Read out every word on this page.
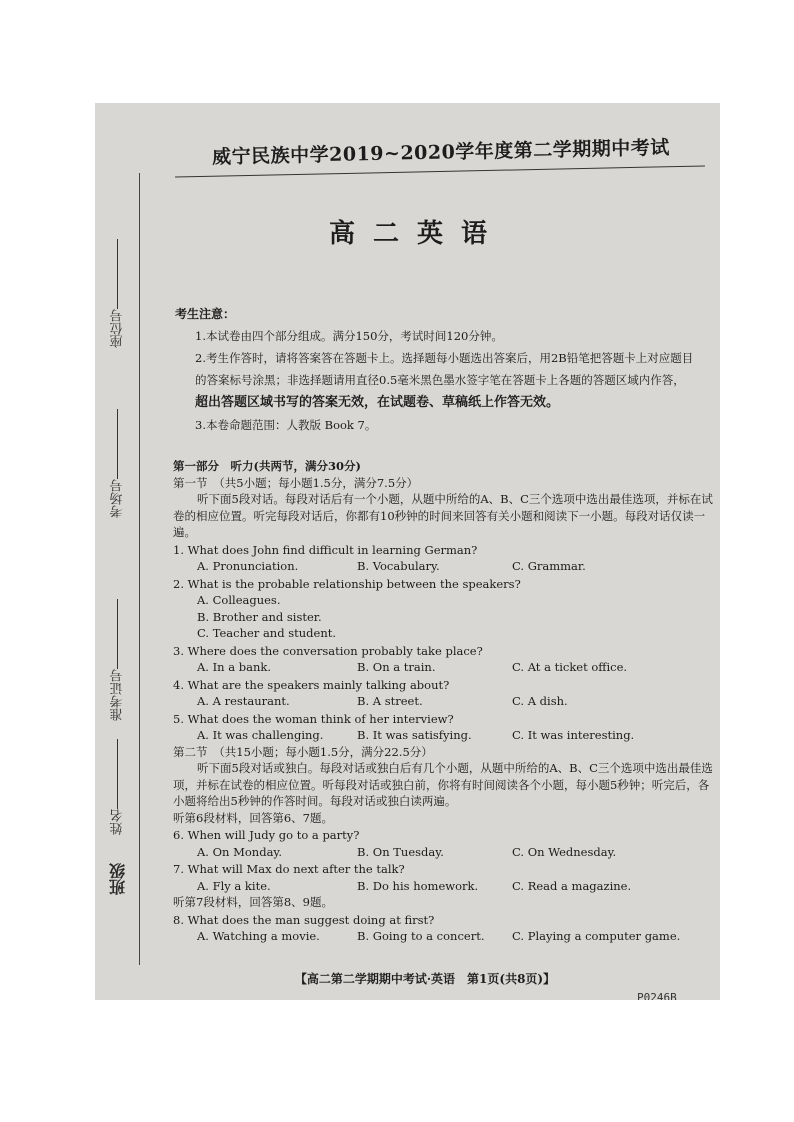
座位号
考场号
准考证号
姓名
班级
威宁民族中学2019~2020学年度第二学期期中考试
高二英语
考生注意：
1.本试卷由四个部分组成。满分150分，考试时间120分钟。
2.考生作答时，请将答案答在答题卡上。选择题每小题选出答案后，用2B铅笔把答题卡上对应题目的答案标号涂黑；非选择题请用直径0.5毫米黑色墨水签字笔在答题卡上各题的答题区域内作答，超出答题区域书写的答案无效，在试题卷、草稿纸上作答无效。
3.本卷命题范围：人教版 Book 7。
第一部分　听力(共两节，满分30分)
第一节　（共5小题；每小题1.5分，满分7.5分）
听下面5段对话。每段对话后有一个小题，从题中所给的A、B、C三个选项中选出最佳选项，并标在试卷的相应位置。听完每段对话后，你都有10秒钟的时间来回答有关小题和阅读下一小题。每段对话仅读一遍。
1. What does John find difficult in learning German?
A. Pronunciation.	B. Vocabulary.	C. Grammar.
2. What is the probable relationship between the speakers?
A. Colleagues.
B. Brother and sister.
C. Teacher and student.
3. Where does the conversation probably take place?
A. In a bank.	B. On a train.	C. At a ticket office.
4. What are the speakers mainly talking about?
A. A restaurant.	B. A street.	C. A dish.
5. What does the woman think of her interview?
A. It was challenging.	B. It was satisfying.	C. It was interesting.
第二节　（共15小题；每小题1.5分，满分22.5分）
听下面5段对话或独白。每段对话或独白后有几个小题，从题中所给的A、B、C三个选项中选出最佳选项，并标在试卷的相应位置。听每段对话或独白前，你将有时间阅读各个小题，每小题5秒钟；听完后，各小题将给出5秒钟的作答时间。每段对话或独白读两遍。
听第6段材料，回答第6、7题。
6. When will Judy go to a party?
A. On Monday.	B. On Tuesday.	C. On Wednesday.
7. What will Max do next after the talk?
A. Fly a kite.	B. Do his homework.	C. Read a magazine.
听第7段材料，回答第8、9题。
8. What does the man suggest doing at first?
A. Watching a movie.	B. Going to a concert.	C. Playing a computer game.
【高二第二学期期中考试·英语　第1页(共8页)】
P0246B
